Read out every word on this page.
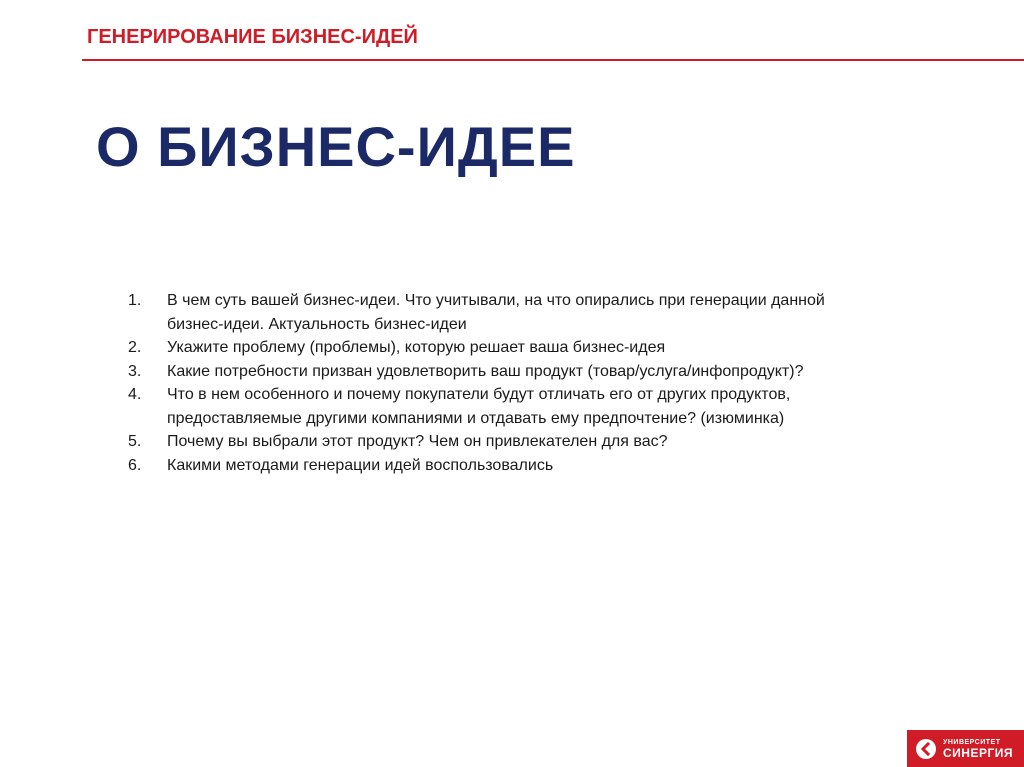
ГЕНЕРИРОВАНИЕ БИЗНЕС-ИДЕЙ
О БИЗНЕС-ИДЕЕ
1.	В чем суть вашей бизнес-идеи. Что учитывали, на что опирались при генерации данной
бизнес-идеи. Актуальность бизнес-идеи
2.	Укажите проблему (проблемы), которую решает ваша бизнес-идея
3.	Какие потребности призван удовлетворить ваш продукт (товар/услуга/инфопродукт)?
4.	Что в нем особенного и почему покупатели будут отличать его от других продуктов,
предоставляемые другими компаниями и отдавать ему предпочтение? (изюминка)
5.	Почему вы выбрали этот продукт? Чем он привлекателен для вас?
6.	Какими методами генерации идей воспользовались
УНИВЕРСИТЕТ
СИНЕРГИЯ
